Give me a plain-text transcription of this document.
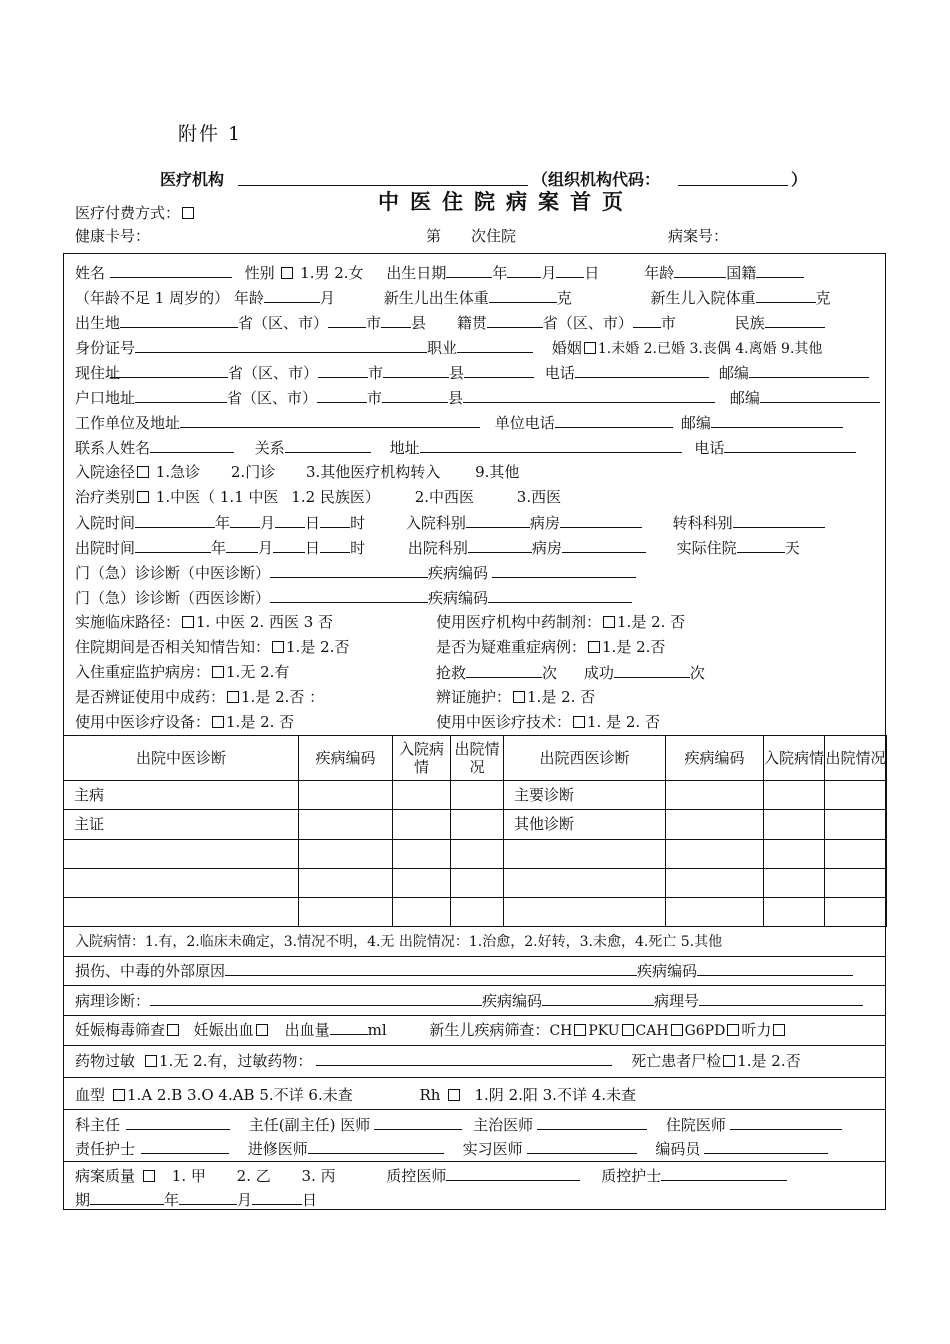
附件 1
医疗机构	（组织机构代码：	）
中医住院病案首页
医疗付费方式：
健康卡号：	第 次住院	病案号：
姓名	性别 1.男 2.女 出生日期	年 月 日	年龄	国籍
（年龄不足 1 周岁的） 年龄	月	新生儿出生体重	克	新生儿入院体重	克
出生地	省（区、市）	市 县 籍贯	省（区、市） 市	民族
身份证号	职业	婚姻 1.未婚 2.已婚 3.丧偶 4.离婚 9.其他
现住址	省（区、市）	市	县	电话	邮编
户口地址	省（区、市）	市	县	邮编
工作单位及地址	单位电话	邮编
联系人姓名	关系	地址	电话
入院途径 1.急诊 2.门诊 3.其他医疗机构转入 9.其他
治疗类别 1.中医（ 1.1 中医 1.2 民族医） 2.中西医	3.西医
入院时间	年 月 日 时	入院科别	病房	转科科别
出院时间	年 月 日 时	出院科别	病房	实际住院	天
门（急）诊诊断（中医诊断）	疾病编码
门（急）诊诊断（西医诊断）	疾病编码
实施临床路径： 1. 中医 2. 西医 3 否	使用医疗机构中药制剂： 1.是 2. 否
住院期间是否相关知情告知： 1.是 2.否	是否为疑难重症病例： 1.是 2.否
入住重症监护病房： 1.无 2.有	抢救	次 成功	次
是否辨证使用中成药： 1.是 2.否 ：	辨证施护： 1.是 2. 否
使用中医诊疗设备： 1.是 2. 否	使用中医诊疗技术： 1. 是 2. 否
出院中医诊断	疾病编码	入院病情	出院情况	出院西医诊断	疾病编码	入院病情	出院情况
主病				主要诊断			
主证				其他诊断			

入院病情：1.有，2.临床未确定，3.情况不明，4.无 出院情况：1.治愈，2.好转，3.未愈，4.死亡 5.其他
损伤、中毒的外部原因	疾病编码
病理诊断：	疾病编码	病理号
妊娠梅毒筛查 妊娠出血 出血量	ml	新生儿疾病筛查：CH PKU CAH G6PD 听力
药物过敏 1.无 2.有，过敏药物：	死亡患者尸检 1.是 2.否
血型 1.A 2.B 3.O 4.AB 5.不详 6.未查	Rh 1.阴 2.阳 3.不详 4.未查
科主任	主任(副主任) 医师	主治医师	住院医师
责任护士	进修医师	实习医师	编码员
病案质量 1. 甲 2. 乙 3. 丙	质控医师	质控护士
期	年	月	日
